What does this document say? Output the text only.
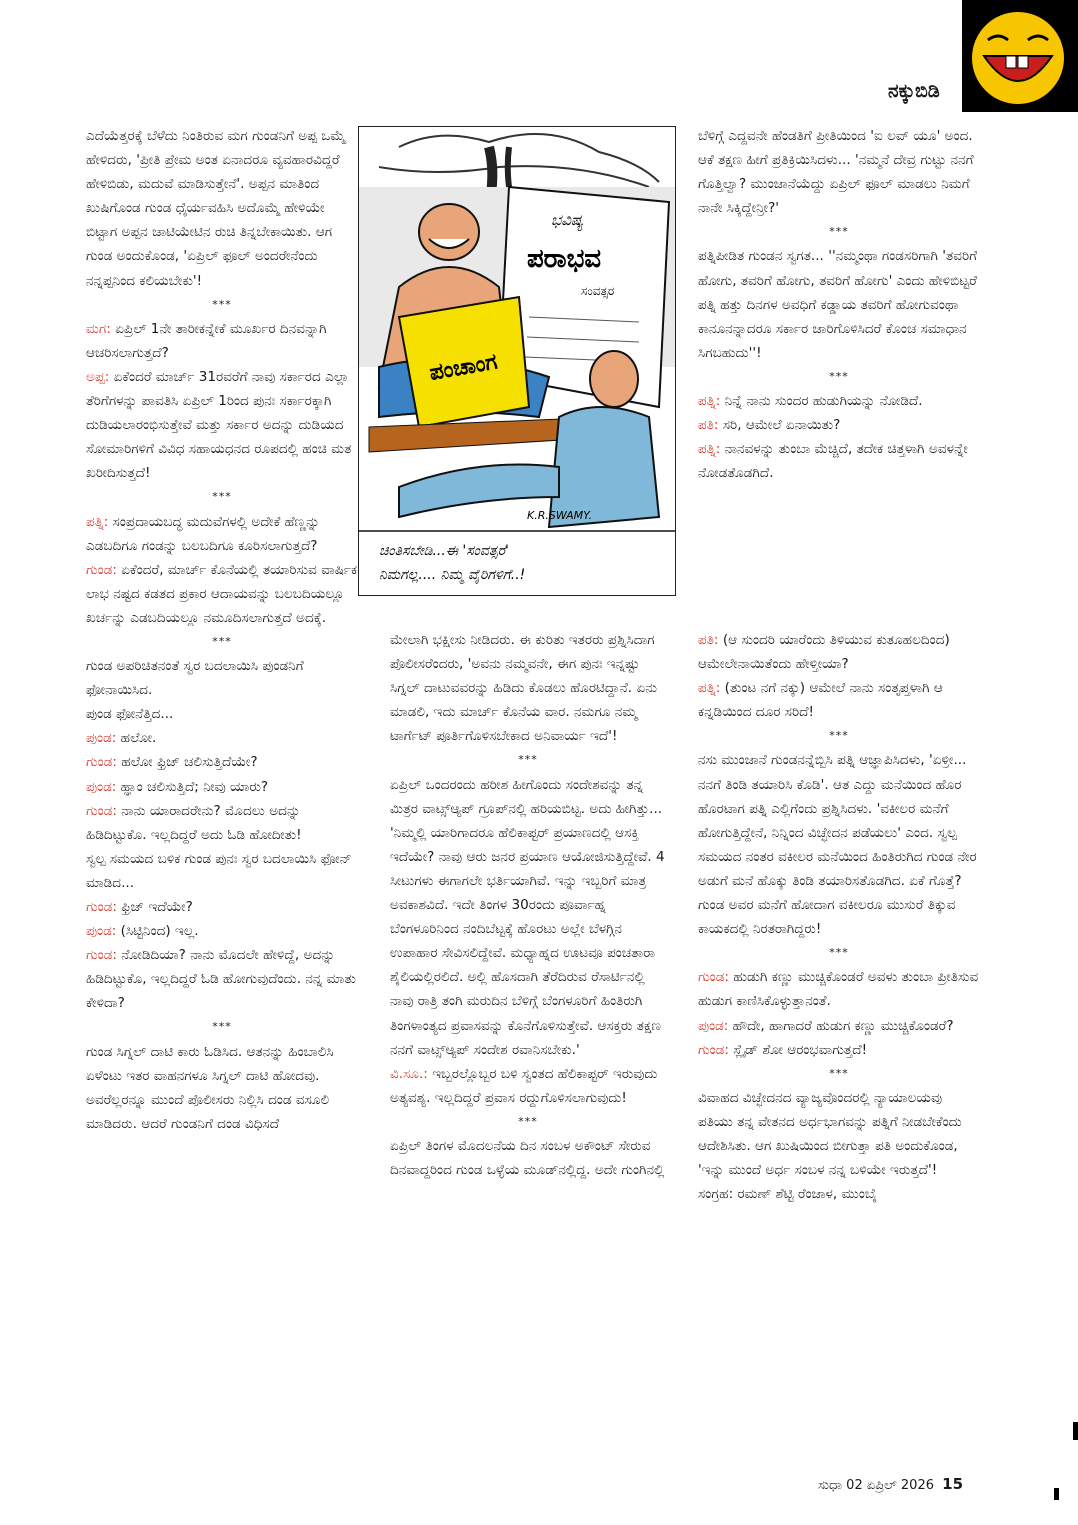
ನಕ್ಕುಬಿಡಿ
ಭವಿಷ್ಯ
ಪರಾಭವ
ಸಂವತ್ಸರ
ಪಂಚಾಂಗ
K.R.SWAMY.
ಚಿಂತಿಸಬೇಡಿ...ಈ 'ಸಂವತ್ಸರ'
ನಿಮಗಲ್ಲ.... ನಿಮ್ಮ ವೈರಿಗಳಿಗೆ..!

ಎದೆಯೆತ್ತರಕ್ಕೆ ಬೆಳೆದು ನಿಂತಿರುವ ಮಗ ಗುಂಡನಿಗೆ ಅಪ್ಪ ಒಮ್ಮೆ ಹೇಳಿದರು, 'ಪ್ರೀತಿ ಪ್ರೇಮ ಅಂತ ಏನಾದರೂ ವ್ಯವಹಾರವಿದ್ದರೆ ಹೇಳಿಬಿಡು, ಮದುವೆ ಮಾಡಿಸುತ್ತೇನೆ'. ಅಪ್ಪನ ಮಾತಿಂದ ಖುಷಿಗೊಂಡ ಗುಂಡ ಧೈರ್ಯವಹಿಸಿ ಅದೊಮ್ಮೆ ಹೇಳಿಯೇ ಬಿಟ್ಟಾಗ ಅಪ್ಪನ ಚಾಟಿಯೇಟಿನ ರುಚಿ ತಿನ್ನಬೇಕಾಯಿತು. ಆಗ ಗುಂಡ ಅಂದುಕೊಂಡ, 'ಏಪ್ರಿಲ್ ಫೂಲ್ ಅಂದರೇನೆಂದು ನನ್ನಪ್ಪನಿಂದ ಕಲಿಯಬೇಕು'!

***

ಮಗ: ಏಪ್ರಿಲ್ 1ನೇ ತಾರೀಕನ್ನೇಕೆ ಮೂರ್ಖರ ದಿನವನ್ನಾಗಿ ಆಚರಿಸಲಾಗುತ್ತದೆ?

ಅಪ್ಪ: ಏಕೆಂದರೆ ಮಾರ್ಚ್ 31ರವರೆಗೆ ನಾವು ಸರ್ಕಾರದ ಎಲ್ಲಾ ತೆರಿಗೆಗಳನ್ನು ಪಾವತಿಸಿ ಏಪ್ರಿಲ್ 1ರಿಂದ ಪುನಃ ಸರ್ಕಾರಕ್ಕಾಗಿ ದುಡಿಯಲಾರಂಭಿಸುತ್ತೇವೆ ಮತ್ತು ಸರ್ಕಾರ ಅದನ್ನು ದುಡಿಯದ ಸೋಮಾರಿಗಳಿಗೆ ವಿವಿಧ ಸಹಾಯಧನದ ರೂಪದಲ್ಲಿ ಹಂಚಿ ಮತ ಖರೀದಿಸುತ್ತದೆ!

***

ಪತ್ನಿ: ಸಂಪ್ರದಾಯಬದ್ಧ ಮದುವೆಗಳಲ್ಲಿ ಅದೇಕೆ ಹೆಣ್ಣನ್ನು ಎಡಬದಿಗೂ ಗಂಡನ್ನು ಬಲಬದಿಗೂ ಕೂರಿಸಲಾಗುತ್ತದೆ?

ಗುಂಡ: ಏಕೆಂದರೆ, ಮಾರ್ಚ್ ಕೊನೆಯಲ್ಲಿ ತಯಾರಿಸುವ ವಾರ್ಷಿಕ ಲಾಭ ನಷ್ಟದ ಕಡತದ ಪ್ರಕಾರ ಆದಾಯವನ್ನು ಬಲಬದಿಯಲ್ಲೂ ಖರ್ಚನ್ನು ಎಡಬದಿಯಲ್ಲೂ ನಮೂದಿಸಲಾಗುತ್ತದೆ ಅದಕ್ಕೆ.

***

ಗುಂಡ ಅಪರಿಚಿತನಂತೆ ಸ್ವರ ಬದಲಾಯಿಸಿ ಪುಂಡನಿಗೆ ಫೋನಾಯಿಸಿದ.

ಪುಂಡ ಫೋನೆತ್ತಿದ...

ಪುಂಡ: ಹಲೋ.

ಗುಂಡ: ಹಲೋ ಫ್ರಿಜ್ ಚಲಿಸುತ್ತಿದೆಯೇ?

ಪುಂಡ: ಹ್ಞಾಂ ಚಲಿಸುತ್ತಿದೆ; ನೀವು ಯಾರು?

ಗುಂಡ: ನಾನು ಯಾರಾದರೇನು? ಮೊದಲು ಅದನ್ನು ಹಿಡಿದಿಟ್ಟುಕೊ. ಇಲ್ಲದಿದ್ದರೆ ಅದು ಓಡಿ ಹೋದೀತು!

ಸ್ವಲ್ಪ ಸಮಯದ ಬಳಿಕ ಗುಂಡ ಪುನಃ ಸ್ವರ ಬದಲಾಯಿಸಿ ಫೋನ್ ಮಾಡಿದ...

ಗುಂಡ: ಫ್ರಿಜ್ ಇದೆಯೇ?

ಪುಂಡ: (ಸಿಟ್ಟಿನಿಂದ) ಇಲ್ಲ.

ಗುಂಡ: ನೋಡಿದಿಯಾ? ನಾನು ಮೊದಲೇ ಹೇಳಿದ್ದೆ, ಅದನ್ನು ಹಿಡಿದಿಟ್ಟುಕೊ, ಇಲ್ಲದಿದ್ದರೆ ಓಡಿ ಹೋಗುವುದೆಂದು. ನನ್ನ ಮಾತು ಕೇಳಿದಾ?

***

ಗುಂಡ ಸಿಗ್ನಲ್ ದಾಟಿ ಕಾರು ಓಡಿಸಿದ. ಆತನನ್ನು ಹಿಂಬಾಲಿಸಿ ಏಳೆಂಟು ಇತರ ವಾಹನಗಳೂ ಸಿಗ್ನಲ್ ದಾಟಿ ಹೋದವು. ಅವರೆಲ್ಲರನ್ನೂ ಮುಂದೆ ಪೊಲೀಸರು ನಿಲ್ಲಿಸಿ ದಂಡ ವಸೂಲಿ ಮಾಡಿದರು. ಆದರೆ ಗುಂಡನಿಗೆ ದಂಡ ವಿಧಿಸದೆ

ಮೇಲಾಗಿ ಭಕ್ಷೀಸು ನೀಡಿದರು. ಈ ಕುರಿತು ಇತರರು ಪ್ರಶ್ನಿಸಿದಾಗ ಪೊಲೀಸರೆಂದರು, 'ಅವನು ನಮ್ಮವನೇ, ಈಗ ಪುನಃ ಇನ್ನಷ್ಟು ಸಿಗ್ನಲ್ ದಾಟುವವರನ್ನು ಹಿಡಿದು ಕೊಡಲು ಹೊರಟಿದ್ದಾನೆ. ಏನು ಮಾಡಲಿ, ಇದು ಮಾರ್ಚ್ ಕೊನೆಯ ವಾರ. ನಮಗೂ ನಮ್ಮ ಟಾರ್ಗೆಟ್ ಪೂರ್ತಿಗೊಳಿಸಬೇಕಾದ ಅನಿವಾರ್ಯ ಇದೆ'!

***

ಏಪ್ರಿಲ್ ಒಂದರಂದು ಹರೀಶ ಹೀಗೊಂದು ಸಂದೇಶವನ್ನು ತನ್ನ ಮಿತ್ರರ ವಾಟ್ಸ್ಆ್ಯಪ್ ಗ್ರೂಪ್‌ನಲ್ಲಿ ಹರಿಯಬಿಟ್ಟ. ಅದು ಹೀಗಿತ್ತು... 'ನಿಮ್ಮಲ್ಲಿ ಯಾರಿಗಾದರೂ ಹೆಲಿಕಾಪ್ಟರ್ ಪ್ರಯಾಣದಲ್ಲಿ ಆಸಕ್ತಿ ಇದೆಯೇ? ನಾವು ಆರು ಜನರ ಪ್ರಯಾಣ ಆಯೋಜಿಸುತ್ತಿದ್ದೇವೆ. 4 ಸೀಟುಗಳು ಈಗಾಗಲೇ ಭರ್ತಿಯಾಗಿವೆ. ಇನ್ನು ಇಬ್ಬರಿಗೆ ಮಾತ್ರ ಅವಕಾಶವಿದೆ. ಇದೇ ತಿಂಗಳ 30ರಂದು ಪೂರ್ವಾಹ್ನ ಬೆಂಗಳೂರಿನಿಂದ ನಂದಿಬೆಟ್ಟಕ್ಕೆ ಹೊರಟು ಅಲ್ಲೇ ಬೆಳಗ್ಗಿನ ಉಪಾಹಾರ ಸೇವಿಸಲಿದ್ದೇವೆ. ಮಧ್ಯಾಹ್ನದ ಊಟವೂ ಪಂಚತಾರಾ ಶೈಲಿಯಲ್ಲಿರಲಿದೆ. ಅಲ್ಲಿ ಹೊಸದಾಗಿ ತೆರೆದಿರುವ ರೆಸಾರ್ಟಿನಲ್ಲಿ ನಾವು ರಾತ್ರಿ ತಂಗಿ ಮರುದಿನ ಬೆಳಿಗ್ಗೆ ಬೆಂಗಳೂರಿಗೆ ಹಿಂತಿರುಗಿ ತಿಂಗಳಾಂತ್ಯದ ಪ್ರವಾಸವನ್ನು ಕೊನೆಗೊಳಿಸುತ್ತೇವೆ. ಆಸಕ್ತರು ತಕ್ಷಣ ನನಗೆ ವಾಟ್ಸ್ಆ್ಯಪ್ ಸಂದೇಶ ರವಾನಿಸಬೇಕು.'

ವಿ.ಸೂ.: ಇಬ್ಬರಲ್ಲೊಬ್ಬರ ಬಳಿ ಸ್ವಂತದ ಹೆಲಿಕಾಪ್ಟರ್ ಇರುವುದು ಅತ್ಯವಶ್ಯ. ಇಲ್ಲದಿದ್ದರೆ ಪ್ರವಾಸ ರದ್ದುಗೊಳಿಸಲಾಗುವುದು!

***

ಏಪ್ರಿಲ್ ತಿಂಗಳ ಮೊದಲನೆಯ ದಿನ ಸಂಬಳ ಅಕೌಂಟ್ ಸೇರುವ ದಿನವಾದ್ದರಿಂದ ಗುಂಡ ಒಳ್ಳೆಯ ಮೂಡ್‌ನಲ್ಲಿದ್ದ. ಅದೇ ಗುಂಗಿನಲ್ಲಿ

ಬೆಳಿಗ್ಗೆ ಎದ್ದವನೇ ಹೆಂಡತಿಗೆ ಪ್ರೀತಿಯಿಂದ 'ಐ ಲವ್ ಯೂ' ಅಂದ. ಆಕೆ ತಕ್ಷಣ ಹೀಗೆ ಪ್ರತಿಕ್ರಿಯಿಸಿದಳು... 'ನಮ್ಮನೆ ದೇವ್ರ ಗುಟ್ಟು ನನಗೆ ಗೊತ್ತಿಲ್ವಾ? ಮುಂಜಾನೆಯೆದ್ದು ಏಪ್ರಿಲ್ ಫೂಲ್ ಮಾಡಲು ನಿಮಗೆ ನಾನೇ ಸಿಕ್ಕಿದ್ದೇನ್ರೀ?'

***

ಪತ್ನಿಪೀಡಿತ ಗುಂಡನ ಸ್ವಗತ... ''ನಮ್ಮಂಥಾ ಗಂಡಸರಿಗಾಗಿ 'ತವರಿಗೆ ಹೋಗು, ತವರಿಗೆ ಹೋಗು, ತವರಿಗೆ ಹೋಗು' ಎಂದು ಹೇಳಿಬಿಟ್ಟರೆ ಪತ್ನಿ ಹತ್ತು ದಿನಗಳ ಅವಧಿಗೆ ಕಡ್ಡಾಯ ತವರಿಗೆ ಹೋಗುವಂಥಾ ಕಾನೂನನ್ನಾದರೂ ಸರ್ಕಾರ ಜಾರಿಗೊಳಿಸಿದರೆ ಕೊಂಚ ಸಮಾಧಾನ ಸಿಗಬಹುದು''!

***

ಪತ್ನಿ: ನಿನ್ನೆ ನಾನು ಸುಂದರ ಹುಡುಗಿಯನ್ನು ನೋಡಿದೆ.

ಪತಿ: ಸರಿ, ಆಮೇಲೆ ಏನಾಯಿತು?

ಪತ್ನಿ: ನಾನವಳನ್ನು ತುಂಬಾ ಮೆಚ್ಚಿದೆ, ತದೇಕ ಚಿತ್ತಳಾಗಿ ಅವಳನ್ನೇ ನೋಡತೊಡಗಿದೆ.

ಪತಿ: (ಆ ಸುಂದರಿ ಯಾರೆಂದು ತಿಳಿಯುವ ಕುತೂಹಲದಿಂದ) ಆಮೇಲೇನಾಯಿತೆಂದು ಹೇಳ್ತೀಯಾ?

ಪತ್ನಿ: (ತುಂಟ ನಗೆ ನಕ್ಕು) ಆಮೇಲೆ ನಾನು ಸಂತೃಪ್ತಳಾಗಿ ಆ ಕನ್ನಡಿಯಿಂದ ದೂರ ಸರಿದೆ!

***

ನಸು ಮುಂಜಾನೆ ಗುಂಡನನ್ನೆಬ್ಬಿಸಿ ಪತ್ನಿ ಆಜ್ಞಾಪಿಸಿದಳು, 'ಏಳ್ರೀ... ನನಗೆ ತಿಂಡಿ ತಯಾರಿಸಿ ಕೊಡಿ'. ಆತ ಎದ್ದು ಮನೆಯಿಂದ ಹೊರ ಹೊರಟಾಗ ಪತ್ನಿ ಎಲ್ಲಿಗೆಂದು ಪ್ರಶ್ನಿಸಿದಳು. 'ವಕೀಲರ ಮನೆಗೆ ಹೋಗುತ್ತಿದ್ದೇನೆ, ನಿನ್ನಿಂದ ವಿಚ್ಛೇದನ ಪಡೆಯಲು' ಎಂದ. ಸ್ವಲ್ಪ ಸಮಯದ ನಂತರ ವಕೀಲರ ಮನೆಯಿಂದ ಹಿಂತಿರುಗಿದ ಗುಂಡ ನೇರ ಅಡುಗೆ ಮನೆ ಹೊಕ್ಕು ತಿಂಡಿ ತಯಾರಿಸತೊಡಗಿದ. ಏಕೆ ಗೊತ್ತೆ? ಗುಂಡ ಅವರ ಮನೆಗೆ ಹೋದಾಗ ವಕೀಲರೂ ಮುಸುರೆ ತಿಕ್ಕುವ ಕಾಯಕದಲ್ಲಿ ನಿರತರಾಗಿದ್ದರು!

***

ಗುಂಡ: ಹುಡುಗಿ ಕಣ್ಣು ಮುಚ್ಚಿಕೊಂಡರೆ ಅವಳು ತುಂಬಾ ಪ್ರೀತಿಸುವ ಹುಡುಗ ಕಾಣಿಸಿಕೊಳ್ಳುತ್ತಾನಂತೆ.

ಪುಂಡ: ಹೌದೇ, ಹಾಗಾದರೆ ಹುಡುಗ ಕಣ್ಣು ಮುಚ್ಚಿಕೊಂಡರೆ?

ಗುಂಡ: ಸ್ಲೈಡ್ ಶೋ ಆರಂಭವಾಗುತ್ತದೆ!

***

ವಿವಾಹದ ವಿಚ್ಛೇದನದ ವ್ಯಾಜ್ಯವೊಂದರಲ್ಲಿ ನ್ಯಾಯಾಲಯವು ಪತಿಯು ತನ್ನ ವೇತನದ ಅರ್ಧಭಾಗವನ್ನು ಪತ್ನಿಗೆ ನೀಡಬೇಕೆಂದು ಆದೇಶಿಸಿತು. ಆಗ ಖುಷಿಯಿಂದ ಬೀಗುತ್ತಾ ಪತಿ ಅಂದುಕೊಂಡ, 'ಇನ್ನು ಮುಂದೆ ಅರ್ಧ ಸಂಬಳ ನನ್ನ ಬಳಿಯೇ ಇರುತ್ತದೆ'!

ಸಂಗ್ರಹ: ರಮಣ್ ಶೆಟ್ಟಿ ರೆಂಜಾಳ, ಮುಂಬೈ

ಸುಧಾ 02 ಏಪ್ರಿಲ್ 2026 15
